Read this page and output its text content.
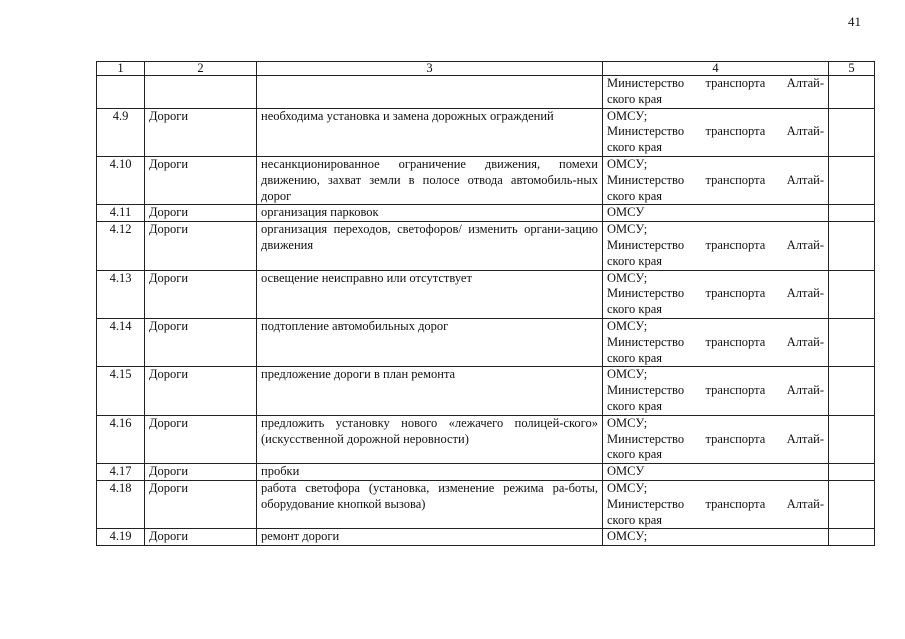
41
1	2	3	4	5

			Министерство транспорта Алтай-
ского края	

4.9	Дороги	необходима установка и замена дорожных ограждений	ОМСУ;
Министерство транспорта Алтай-
ского края	

4.10	Дороги	несанкционированное ограничение движения, помехи движению, захват земли в полосе отвода автомобиль-ных дорог	ОМСУ;
Министерство транспорта Алтай-
ского края	

4.11	Дороги	организация парковок	ОМСУ	

4.12	Дороги	организация переходов, светофоров/ изменить органи-зацию движения	ОМСУ;
Министерство транспорта Алтай-
ского края	

4.13	Дороги	освещение неисправно или отсутствует	ОМСУ;
Министерство транспорта Алтай-
ского края	

4.14	Дороги	подтопление автомобильных дорог	ОМСУ;
Министерство транспорта Алтай-
ского края	

4.15	Дороги	предложение дороги в план ремонта	ОМСУ;
Министерство транспорта Алтай-
ского края	

4.16	Дороги	предложить установку нового «лежачего полицей-ского» (искусственной дорожной неровности)	ОМСУ;
Министерство транспорта Алтай-
ского края	

4.17	Дороги	пробки	ОМСУ	

4.18	Дороги	работа светофора (установка, изменение режима ра-боты, оборудование кнопкой вызова)	ОМСУ;
Министерство транспорта Алтай-
ского края	

4.19	Дороги	ремонт дороги	ОМСУ;	
